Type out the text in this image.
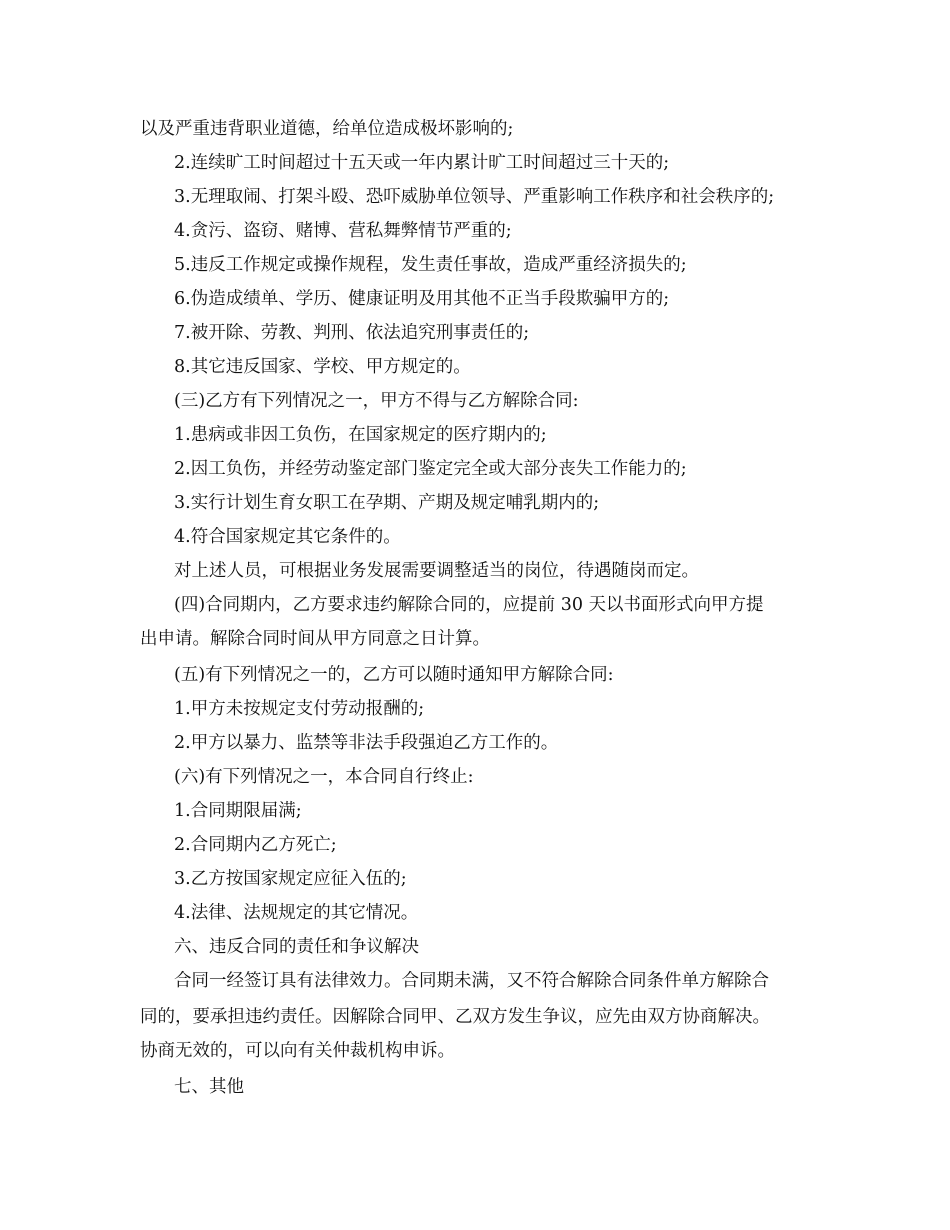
以及严重违背职业道德，给单位造成极坏影响的;
2.连续旷工时间超过十五天或一年内累计旷工时间超过三十天的;
3.无理取闹、打架斗殴、恐吓威胁单位领导、严重影响工作秩序和社会秩序的;
4.贪污、盗窃、赌博、营私舞弊情节严重的;
5.违反工作规定或操作规程，发生责任事故，造成严重经济损失的;
6.伪造成绩单、学历、健康证明及用其他不正当手段欺骗甲方的;
7.被开除、劳教、判刑、依法追究刑事责任的;
8.其它违反国家、学校、甲方规定的。
(三)乙方有下列情况之一，甲方不得与乙方解除合同:
1.患病或非因工负伤，在国家规定的医疗期内的;
2.因工负伤，并经劳动鉴定部门鉴定完全或大部分丧失工作能力的;
3.实行计划生育女职工在孕期、产期及规定哺乳期内的;
4.符合国家规定其它条件的。
对上述人员，可根据业务发展需要调整适当的岗位，待遇随岗而定。
(四)合同期内，乙方要求违约解除合同的，应提前 30 天以书面形式向甲方提
出申请。解除合同时间从甲方同意之日计算。
(五)有下列情况之一的，乙方可以随时通知甲方解除合同:
1.甲方未按规定支付劳动报酬的;
2.甲方以暴力、监禁等非法手段强迫乙方工作的。
(六)有下列情况之一，本合同自行终止:
1.合同期限届满;
2.合同期内乙方死亡;
3.乙方按国家规定应征入伍的;
4.法律、法规规定的其它情况。
六、违反合同的责任和争议解决
合同一经签订具有法律效力。合同期未满，又不符合解除合同条件单方解除合
同的，要承担违约责任。因解除合同甲、乙双方发生争议，应先由双方协商解决。
协商无效的，可以向有关仲裁机构申诉。
七、其他
